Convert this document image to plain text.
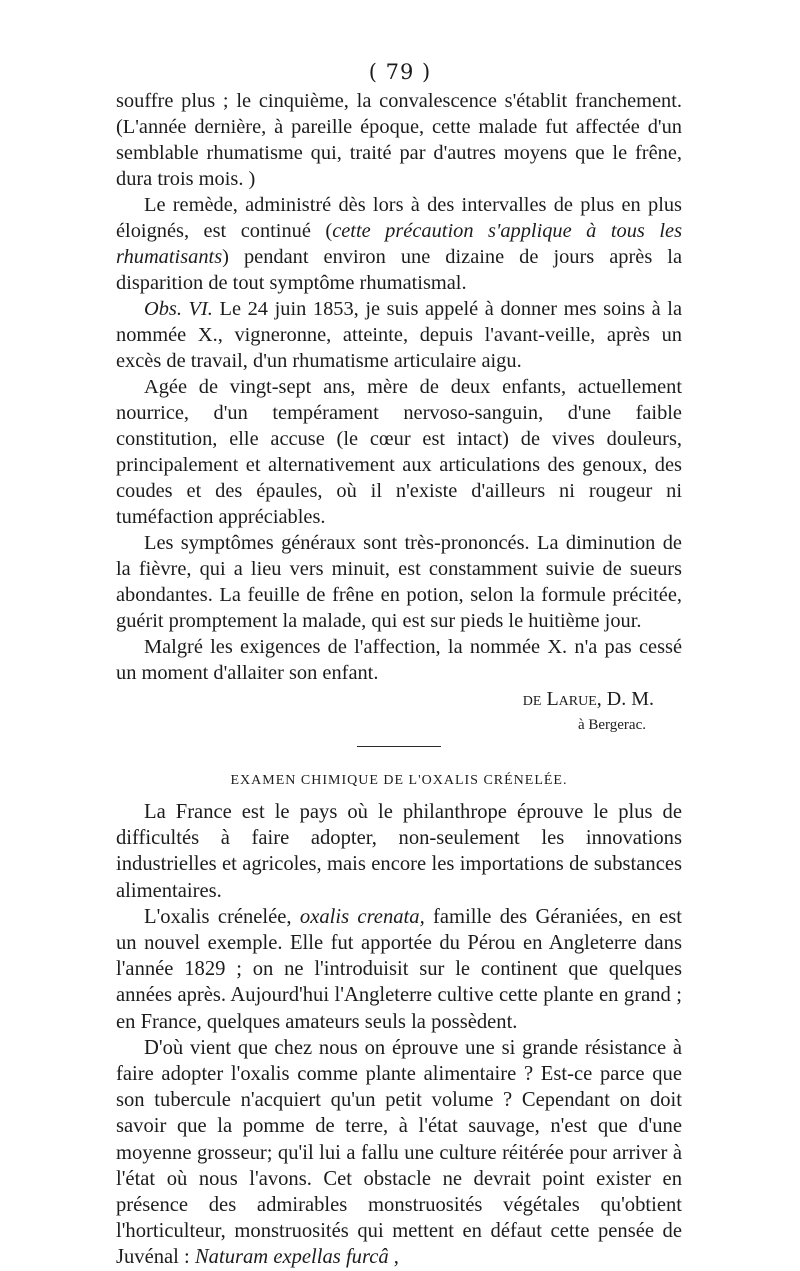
( 79 )

souffre plus ; le cinquième, la convalescence s'établit franchement. (L'année dernière, à pareille époque, cette malade fut affectée d'un semblable rhumatisme qui, traité par d'autres moyens que le frêne, dura trois mois. )

Le remède, administré dès lors à des intervalles de plus en plus éloignés, est continué (cette précaution s'applique à tous les rhumatisants) pendant environ une dizaine de jours après la disparition de tout symptôme rhumatismal.

Obs. VI. Le 24 juin 1853, je suis appelé à donner mes soins à la nommée X., vigneronne, atteinte, depuis l'avant-veille, après un excès de travail, d'un rhumatisme articulaire aigu.

Agée de vingt-sept ans, mère de deux enfants, actuellement nourrice, d'un tempérament nervoso-sanguin, d'une faible constitution, elle accuse (le cœur est intact) de vives douleurs, principalement et alternativement aux articulations des genoux, des coudes et des épaules, où il n'existe d'ailleurs ni rougeur ni tuméfaction appréciables.

Les symptômes généraux sont très-prononcés. La diminution de la fièvre, qui a lieu vers minuit, est constamment suivie de sueurs abondantes. La feuille de frêne en potion, selon la formule précitée, guérit promptement la malade, qui est sur pieds le huitième jour.

Malgré les exigences de l'affection, la nommée X. n'a pas cessé un moment d'allaiter son enfant.

de Larue, D. M.
à Bergerac.
EXAMEN CHIMIQUE DE L'OXALIS CRÉNELÉE.

La France est le pays où le philanthrope éprouve le plus de difficultés à faire adopter, non-seulement les innovations industrielles et agricoles, mais encore les importations de substances alimentaires.

L'oxalis crénelée, oxalis crenata, famille des Géraniées, en est un nouvel exemple. Elle fut apportée du Pérou en Angleterre dans l'année 1829 ; on ne l'introduisit sur le continent que quelques années après. Aujourd'hui l'Angleterre cultive cette plante en grand ; en France, quelques amateurs seuls la possèdent.

D'où vient que chez nous on éprouve une si grande résistance à faire adopter l'oxalis comme plante alimentaire ? Est-ce parce que son tubercule n'acquiert qu'un petit volume ? Cependant on doit savoir que la pomme de terre, à l'état sauvage, n'est que d'une moyenne grosseur; qu'il lui a fallu une culture réitérée pour arriver à l'état où nous l'avons. Cet obstacle ne devrait point exister en présence des admirables monstruosités végétales qu'obtient l'horticulteur, monstruosités qui mettent en défaut cette pensée de Juvénal : Naturam expellas furcâ ,
